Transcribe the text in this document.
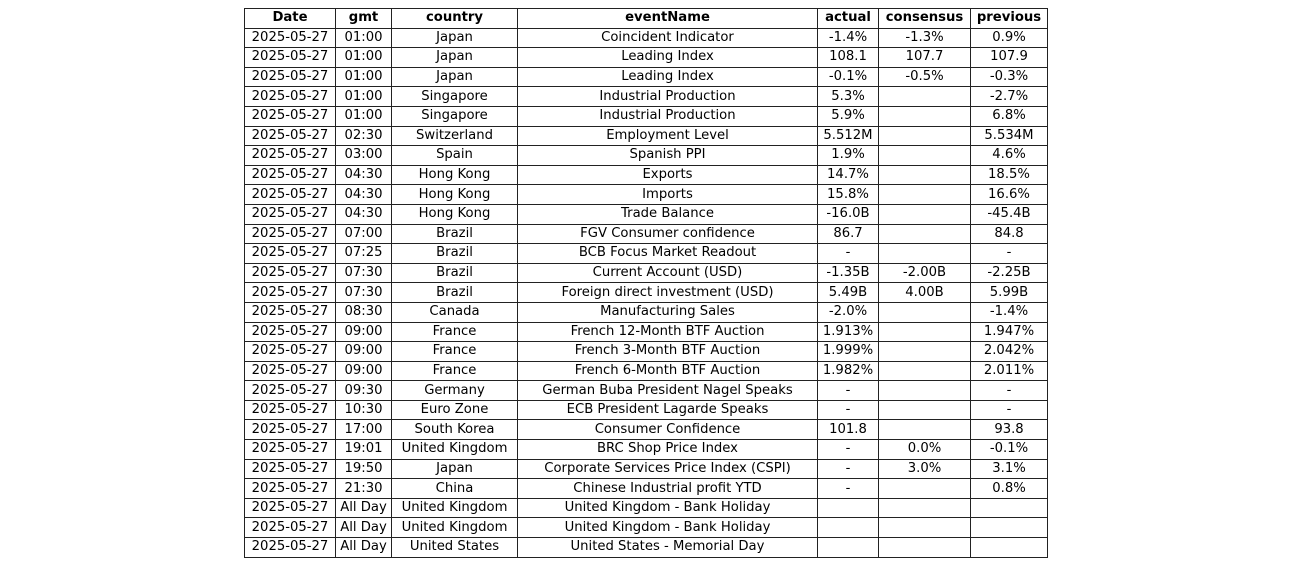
Date	gmt	country	eventName	actual	consensus	previous
2025-05-27	01:00	Japan	Coincident Indicator	-1.4%	-1.3%	0.9%
2025-05-27	01:00	Japan	Leading Index	108.1	107.7	107.9
2025-05-27	01:00	Japan	Leading Index	-0.1%	-0.5%	-0.3%
2025-05-27	01:00	Singapore	Industrial Production	5.3%		-2.7%
2025-05-27	01:00	Singapore	Industrial Production	5.9%		6.8%
2025-05-27	02:30	Switzerland	Employment Level	5.512M		5.534M
2025-05-27	03:00	Spain	Spanish PPI	1.9%		4.6%
2025-05-27	04:30	Hong Kong	Exports	14.7%		18.5%
2025-05-27	04:30	Hong Kong	Imports	15.8%		16.6%
2025-05-27	04:30	Hong Kong	Trade Balance	-16.0B		-45.4B
2025-05-27	07:00	Brazil	FGV Consumer confidence	86.7		84.8
2025-05-27	07:25	Brazil	BCB Focus Market Readout	-		-
2025-05-27	07:30	Brazil	Current Account (USD)	-1.35B	-2.00B	-2.25B
2025-05-27	07:30	Brazil	Foreign direct investment (USD)	5.49B	4.00B	5.99B
2025-05-27	08:30	Canada	Manufacturing Sales	-2.0%		-1.4%
2025-05-27	09:00	France	French 12-Month BTF Auction	1.913%		1.947%
2025-05-27	09:00	France	French 3-Month BTF Auction	1.999%		2.042%
2025-05-27	09:00	France	French 6-Month BTF Auction	1.982%		2.011%
2025-05-27	09:30	Germany	German Buba President Nagel Speaks	-		-
2025-05-27	10:30	Euro Zone	ECB President Lagarde Speaks	-		-
2025-05-27	17:00	South Korea	Consumer Confidence	101.8		93.8
2025-05-27	19:01	United Kingdom	BRC Shop Price Index	-	0.0%	-0.1%
2025-05-27	19:50	Japan	Corporate Services Price Index (CSPI)	-	3.0%	3.1%
2025-05-27	21:30	China	Chinese Industrial profit YTD	-		0.8%
2025-05-27	All Day	United Kingdom	United Kingdom - Bank Holiday			
2025-05-27	All Day	United Kingdom	United Kingdom - Bank Holiday			
2025-05-27	All Day	United States	United States - Memorial Day			
